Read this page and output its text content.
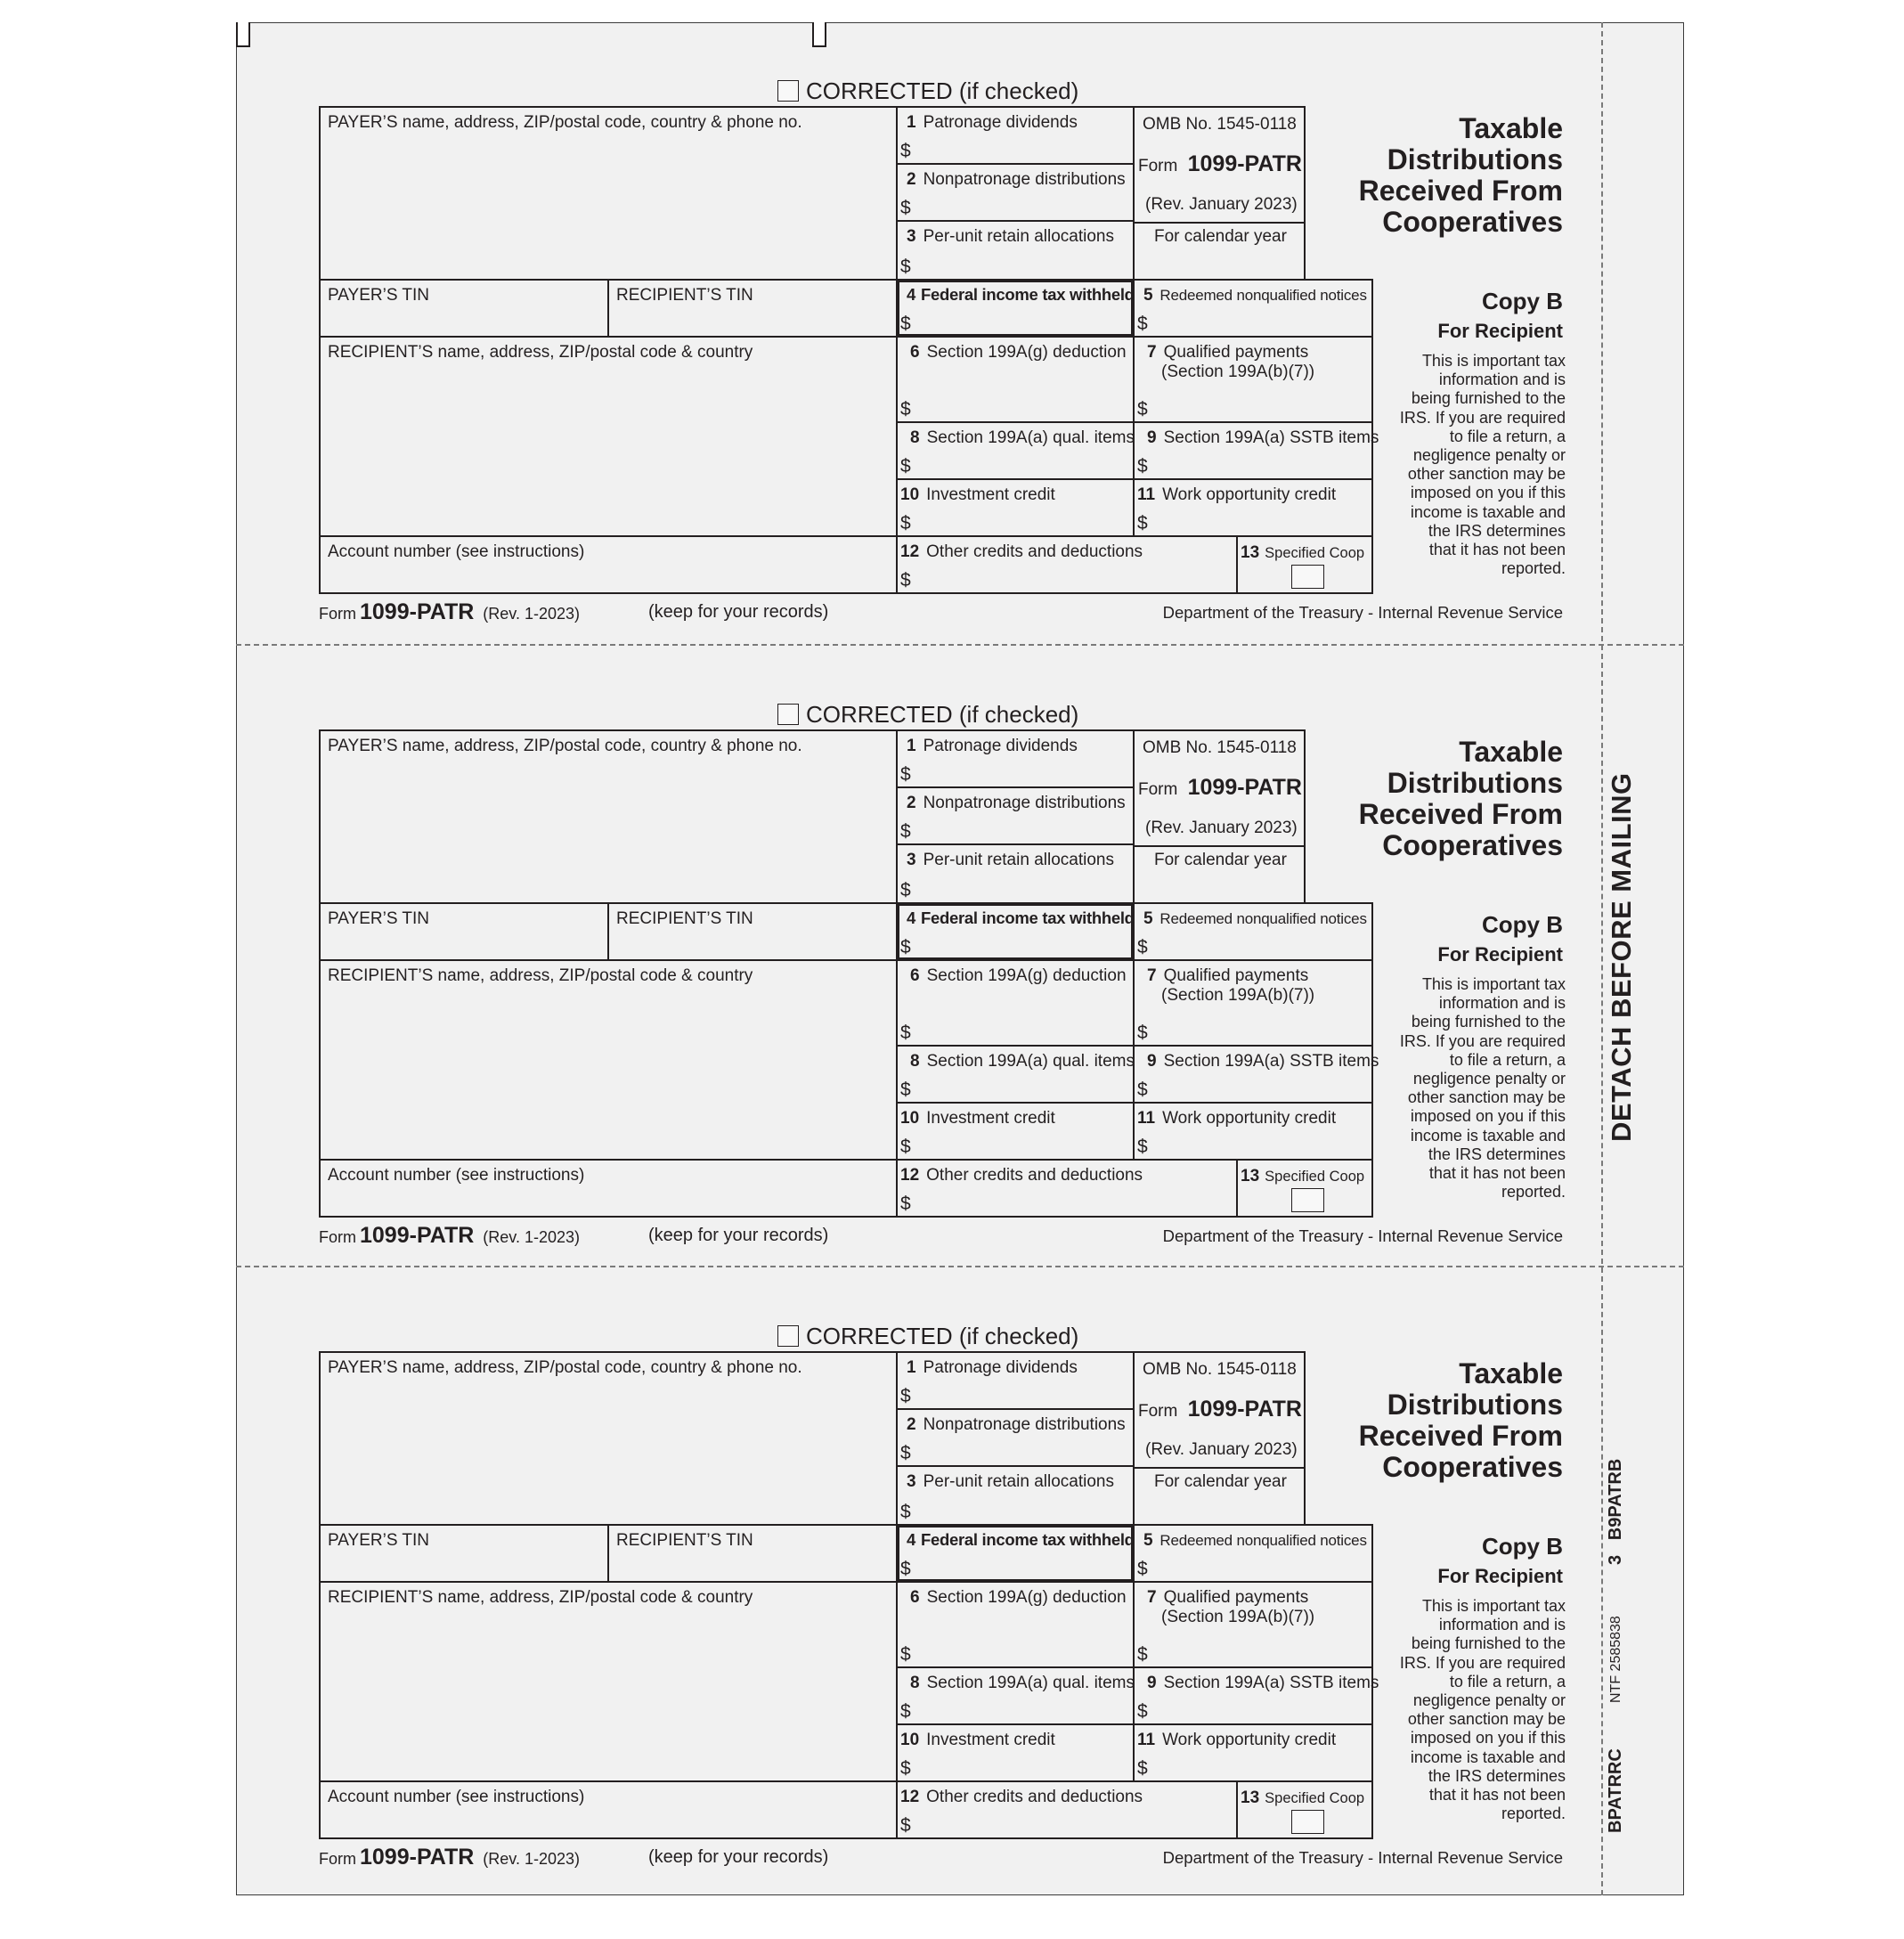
DETACH BEFORE MAILING
3   B9PATRB
NTF 2585838
BPATRRC
CORRECTED (if checked)
PAYER’S name, address, ZIP/postal code, country & phone no.
PAYER’S TIN	RECIPIENT’S TIN
RECIPIENT’S name, address, ZIP/postal code & country
Account number (see instructions)
1 Patronage dividends
$
2 Nonpatronage distributions
$
3 Per-unit retain allocations
$
OMB No. 1545-0118
Form 1099-PATR
(Rev. January 2023)
For calendar year
Taxable
Distributions
Received From
Cooperatives
4 Federal income tax withheld
$
5 Redeemed nonqualified notices
$
Copy B
For Recipient
This is important tax
information and is
being furnished to the
IRS. If you are required
to file a return, a
negligence penalty or
other sanction may be
imposed on you if this
income is taxable and
the IRS determines
that it has not been
reported.
6 Section 199A(g) deduction
$
7 Qualified payments
(Section 199A(b)(7))
$
8 Section 199A(a) qual. items
$
9 Section 199A(a) SSTB items
$
10 Investment credit
$
11 Work opportunity credit
$
12 Other credits and deductions
$
13 Specified Coop
Form 1099-PATR (Rev. 1-2023)	(keep for your records)	Department of the Treasury - Internal Revenue Service
CORRECTED (if checked)
PAYER’S name, address, ZIP/postal code, country & phone no.
PAYER’S TIN	RECIPIENT’S TIN
RECIPIENT’S name, address, ZIP/postal code & country
Account number (see instructions)
1 Patronage dividends
$
2 Nonpatronage distributions
$
3 Per-unit retain allocations
$
OMB No. 1545-0118
Form 1099-PATR
(Rev. January 2023)
For calendar year
Taxable
Distributions
Received From
Cooperatives
4 Federal income tax withheld
$
5 Redeemed nonqualified notices
$
Copy B
For Recipient
This is important tax
information and is
being furnished to the
IRS. If you are required
to file a return, a
negligence penalty or
other sanction may be
imposed on you if this
income is taxable and
the IRS determines
that it has not been
reported.
6 Section 199A(g) deduction
$
7 Qualified payments
(Section 199A(b)(7))
$
8 Section 199A(a) qual. items
$
9 Section 199A(a) SSTB items
$
10 Investment credit
$
11 Work opportunity credit
$
12 Other credits and deductions
$
13 Specified Coop
Form 1099-PATR (Rev. 1-2023)	(keep for your records)	Department of the Treasury - Internal Revenue Service
CORRECTED (if checked)
PAYER’S name, address, ZIP/postal code, country & phone no.
PAYER’S TIN	RECIPIENT’S TIN
RECIPIENT’S name, address, ZIP/postal code & country
Account number (see instructions)
1 Patronage dividends
$
2 Nonpatronage distributions
$
3 Per-unit retain allocations
$
OMB No. 1545-0118
Form 1099-PATR
(Rev. January 2023)
For calendar year
Taxable
Distributions
Received From
Cooperatives
4 Federal income tax withheld
$
5 Redeemed nonqualified notices
$
Copy B
For Recipient
This is important tax
information and is
being furnished to the
IRS. If you are required
to file a return, a
negligence penalty or
other sanction may be
imposed on you if this
income is taxable and
the IRS determines
that it has not been
reported.
6 Section 199A(g) deduction
$
7 Qualified payments
(Section 199A(b)(7))
$
8 Section 199A(a) qual. items
$
9 Section 199A(a) SSTB items
$
10 Investment credit
$
11 Work opportunity credit
$
12 Other credits and deductions
$
13 Specified Coop
Form 1099-PATR (Rev. 1-2023)	(keep for your records)	Department of the Treasury - Internal Revenue Service
